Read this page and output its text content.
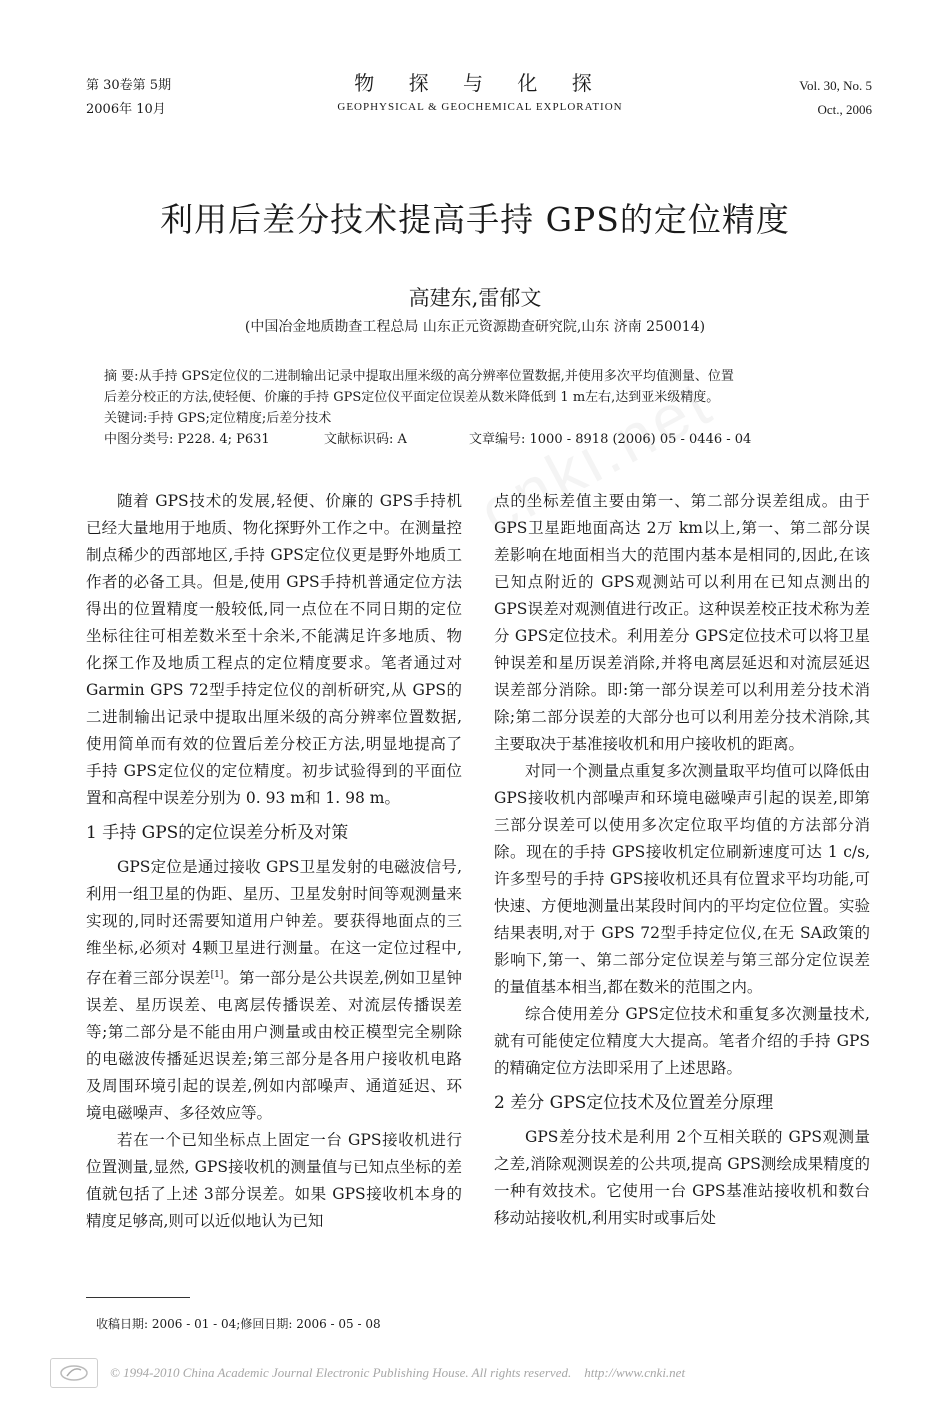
第 30卷第 5期
2006年 10月
物 探 与 化 探
GEOPHYSICAL & GEOCHEMICAL EXPLORATION
Vol. 30, No. 5
Oct., 2006
利用后差分技术提高手持 GPS的定位精度
高建东,雷郁文
(中国冶金地质勘查工程总局 山东正元资源勘查研究院,山东 济南 250014)

摘 要:从手持 GPS定位仪的二进制输出记录中提取出厘米级的高分辨率位置数据,并使用多次平均值测量、位置

后差分校正的方法,使轻便、价廉的手持 GPS定位仪平面定位误差从数米降低到 1 m左右,达到亚米级精度。

关键词:手持 GPS;定位精度;后差分技术

中图分类号: P228. 4; P631	文献标识码: A	文章编号: 1000 - 8918 (2006) 05 - 0446 - 04

随着 GPS技术的发展,轻便、价廉的 GPS手持机已经大量地用于地质、物化探野外工作之中。在测量控制点稀少的西部地区,手持 GPS定位仪更是野外地质工作者的必备工具。但是,使用 GPS手持机普通定位方法得出的位置精度一般较低,同一点位在不同日期的定位坐标往往可相差数米至十余米,不能满足许多地质、物化探工作及地质工程点的定位精度要求。笔者通过对 Garmin GPS 72型手持定位仪的剖析研究,从 GPS的二进制输出记录中提取出厘米级的高分辨率位置数据,使用简单而有效的位置后差分校正方法,明显地提高了手持 GPS定位仪的定位精度。初步试验得到的平面位置和高程中误差分别为 0. 93 m和 1. 98 m。

1 手持 GPS的定位误差分析及对策

GPS定位是通过接收 GPS卫星发射的电磁波信号,利用一组卫星的伪距、星历、卫星发射时间等观测量来实现的,同时还需要知道用户钟差。要获得地面点的三维坐标,必须对 4颗卫星进行测量。在这一定位过程中,存在着三部分误差[1]。第一部分是公共误差,例如卫星钟误差、星历误差、电离层传播误差、对流层传播误差等;第二部分是不能由用户测量或由校正模型完全剔除的电磁波传播延迟误差;第三部分是各用户接收机电路及周围环境引起的误差,例如内部噪声、通道延迟、环境电磁噪声、多径效应等。

若在一个已知坐标点上固定一台 GPS接收机进行位置测量,显然, GPS接收机的测量值与已知点坐标的差值就包括了上述 3部分误差。如果 GPS接收机本身的精度足够高,则可以近似地认为已知

点的坐标差值主要由第一、第二部分误差组成。由于 GPS卫星距地面高达 2万 km以上,第一、第二部分误差影响在地面相当大的范围内基本是相同的,因此,在该已知点附近的 GPS观测站可以利用在已知点测出的 GPS误差对观测值进行改正。这种误差校正技术称为差分 GPS定位技术。利用差分 GPS定位技术可以将卫星钟误差和星历误差消除,并将电离层延迟和对流层延迟误差部分消除。即:第一部分误差可以利用差分技术消除;第二部分误差的大部分也可以利用差分技术消除,其主要取决于基准接收机和用户接收机的距离。

对同一个测量点重复多次测量取平均值可以降低由 GPS接收机内部噪声和环境电磁噪声引起的误差,即第三部分误差可以使用多次定位取平均值的方法部分消除。现在的手持 GPS接收机定位刷新速度可达 1 c/s,许多型号的手持 GPS接收机还具有位置求平均功能,可快速、方便地测量出某段时间内的平均定位位置。实验结果表明,对于 GPS 72型手持定位仪,在无 SA政策的影响下,第一、第二部分定位误差与第三部分定位误差的量值基本相当,都在数米的范围之内。

综合使用差分 GPS定位技术和重复多次测量技术,就有可能使定位精度大大提高。笔者介绍的手持 GPS的精确定位方法即采用了上述思路。

2 差分 GPS定位技术及位置差分原理

GPS差分技术是利用 2个互相关联的 GPS观测量之差,消除观测误差的公共项,提高 GPS测绘成果精度的一种有效技术。它使用一台 GPS基准站接收机和数台移动站接收机,利用实时或事后处

收稿日期: 2006 - 01 - 04;修回日期: 2006 - 05 - 08
© 1994-2010 China Academic Journal Electronic Publishing House. All rights reserved.    http://www.cnki.net
